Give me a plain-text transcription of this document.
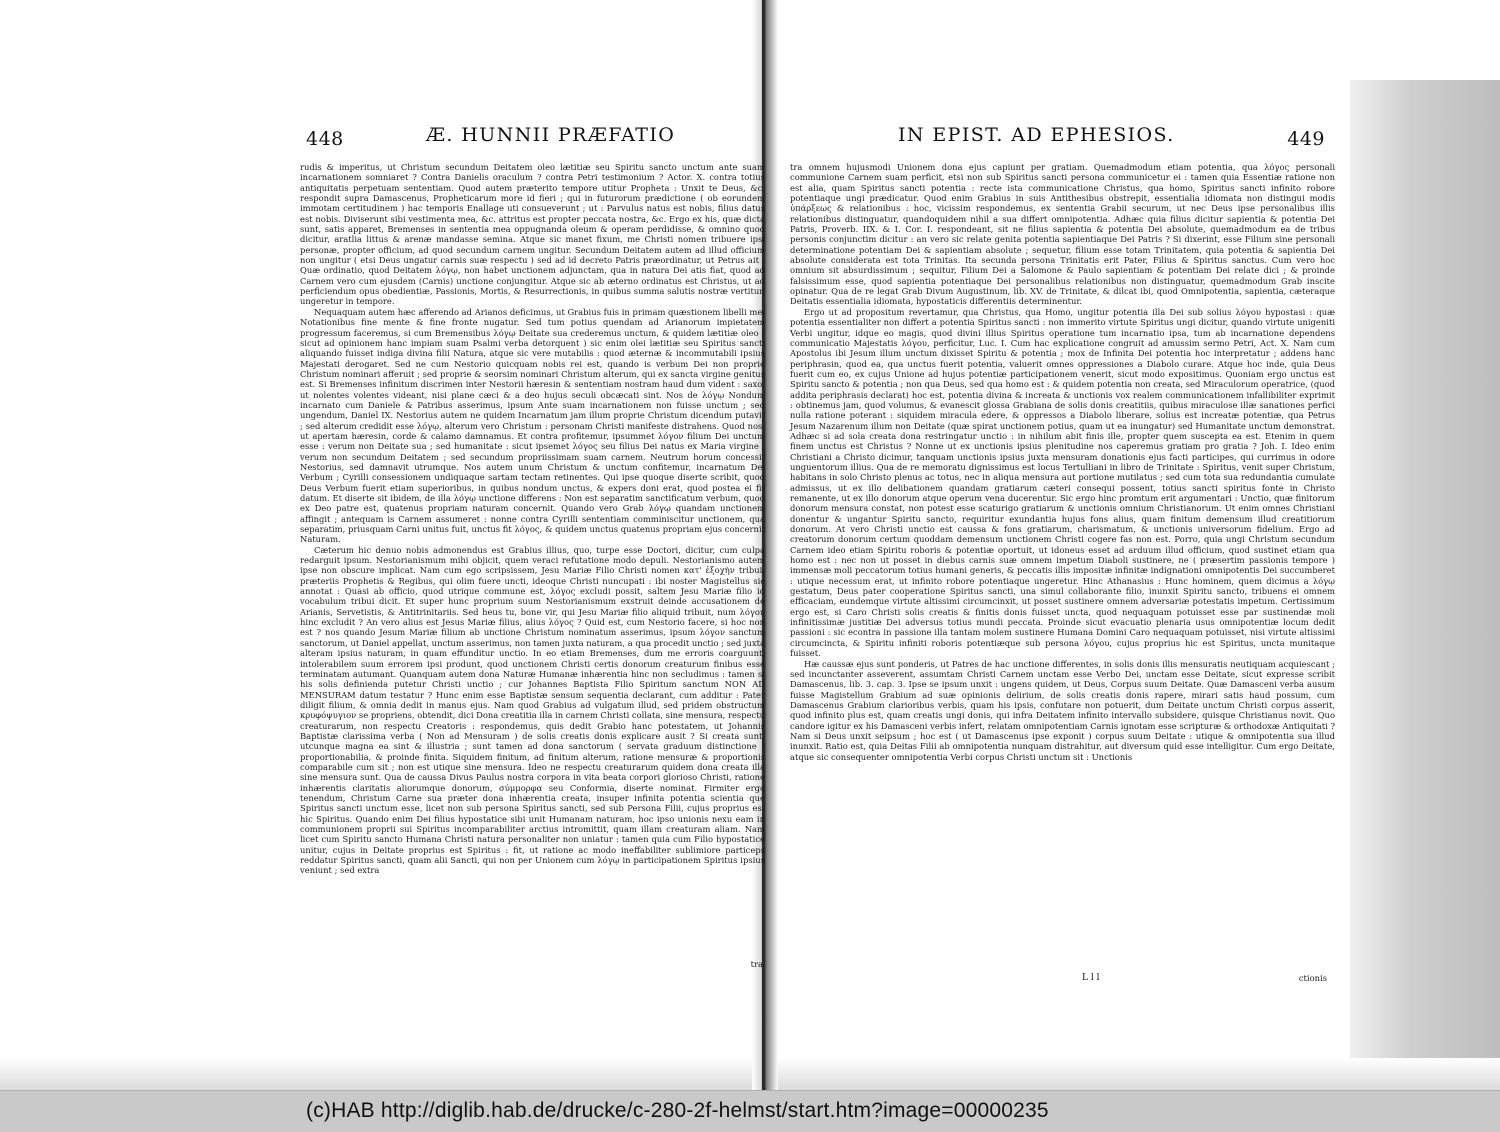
448	Æ. HUNNII PRÆFATIO

rudis & imperitus, ut Christum secundum Deitatem oleo lætitiæ seu Spiritu sancto unctum ante suam incarnationem somniaret ? Contra Danielis oraculum ? contra Petri testimonium ? Actor. X. contra totius antiquitatis perpetuam sententiam. Quod autem præterito tempore utitur Propheta : Unxit te Deus, &c. respondit supra Damascenus, Propheticarum more id fieri ; qui in futurorum prædictione ( ob eorundem immotam certitudinem ) hac temporis Enallage uti consueverunt ; ut : Parvulus natus est nobis, filius datus est nobis. Diviserunt sibi vestimenta mea, &c. attritus est propter peccata nostra, &c. Ergo ex his, quæ dicta sunt, satis apparet, Bremenses in sententia mea oppugnanda oleum & operam perdidisse, & omnino quod dicitur, aratlia littus & arenæ mandasse semina. Atque sic manet fixum, me Christi nomen tribuere ipsi personæ, propter officium, ad quod secundum carnem ungitur. Secundum Deitatem autem ad illud officium non ungitur ( etsi Deus ungatur carnis suæ respectu ) sed ad id decreto Patris præordinatur, ut Petrus ait : Quæ ordinatio, quod Deitatem λόγῳ, non habet unctionem adjunctam, qua in natura Dei atis fiat, quod ad Carnem vero cum ejusdem (Carnis) unctione conjungitur. Atque sic ab æterno ordinatus est Christus, ut ad perficiendum opus obedientiæ, Passionis, Mortis, & Resurrectionis, in quibus summa salutis nostræ vertitur, ungeretur in tempore.

Nequaquam autem hæc afferendo ad Arianos deficimus, ut Grabius fuis in primam quæstionem libelli mei Notationibus fine mente & fine fronte nugatur. Sed tum potius quendam ad Arianorum impietatem progressum faceremus, si cum Bremensibus λόγῳ Deitate sua crederemus unctum, & quidem lætitiæ oleo ( sicut ad opinionem hanc impiam suam Psalmi verba detorquent ) sic enim olei lætitiæ seu Spiritus sancti aliquando fuisset indiga divina filii Natura, atque sic vere mutabilis : quod æternæ & incommutabili ipsius Majestati derogaret. Sed ne cum Nestorio quicquam nobis rei est, quando is verbum Dei non proprie Christum nominari afferuit ; sed proprie & seorsim nominari Christum alterum, qui ex sancta virgine genitus est. Si Bremenses infinitum discrimen inter Nestorii hæresin & sententiam nostram haud dum vident : saxo, ut nolentes volentes videant, nisi plane cæci & a deo hujus seculi obcæcati sint. Nos de λόγῳ Nondum incarnato cum Daniele & Patribus asserimus, ipsum Ante suam incarnationem non fuisse unctum ; sed ungendum, Daniel IX. Nestorius autem ne quidem Incarnatum jam illum proprie Christum dicendum putavit ; sed alterum credidit esse λόγῳ, alterum vero Christum : personam Christi manifeste distrahens. Quod nos, ut apertam hæresin, corde & calamo damnamus. Et contra profitemur, ipsummet λόγον filium Dei unctum esse : verum non Deitate sua ; sed humanitate : sicut ipsemet λόγος seu filius Dei natus ex Maria virgine ; verum non secundum Deitatem ; sed secundum propriissimam suam carnem. Neutrum horum concessit Nestorius, sed damnavit utrumque. Nos autem unum Christum & unctum confitemur, incarnatum Dei Verbum ; Cyrilli consessionem undiquaque sartam tectam retinentes. Qui ipse quoque diserte scribit, quod Deus Verbum fuerit etiam superioribus, in quibus nondum unctus, & expers doni erat, quod postea ei fit datum. Et diserte sit ibidem, de illa λόγῳ unctione differens : Non est separatim sanctificatum verbum, quod ex Deo patre est, quatenus propriam naturam concernit. Quando vero Grab λόγῳ quandam unctionem affingit ; antequam is Carnem assumeret : nonne contra Cyrilli sententiam comminiscitur unctionem, qua separatim, priusquam Carni unitus fuit, unctus fit λόγος, & quidem unctus quatenus propriam ejus concernit Naturam.

Cæterum hic denuo nobis admonendus est Grabius illius, quo, turpe esse Doctori, dicitur, cum culpa redarguit ipsum. Nestorianismum mihi objicit, quem veraci refutatione modo depuli. Nestorianismo autem ipse non obscure implicat. Nam cum ego scripsissem, Jesu Mariæ Filio Christi nomen κατ' ἐξοχὴν tribui, præteriis Prophetis & Regibus, qui olim fuere uncti, ideoque Christi nuncupati : ibi noster Magistellus sic annotat : Quasi ab officio, quod utrique commune est, λόγος excludi possit, saltem Jesu Mariæ filio id vocabulum tribui dicit. Et super hunc proprium suum Nestorianismum exstruit deinde accusationem de Arianis, Servetistis, & Antitrinitariis. Sed heus tu, bone vir, qui Jesu Mariæ filio aliquid tribuit, num λόγον hinc excludit ? An vero alius est Jesus Mariæ filius, alius λόγος ? Quid est, cum Nestorio facere, si hoc non est ? nos quando Jesum Mariæ filium ab unctione Christum nominatum asserimus, ipsum λόγον sanctum sanctorum, ut Daniel appellat, unctum asserimus, non tamen juxta naturam, a qua procedit unctio ; sed juxta alteram ipsius naturam, in quam effunditur unctio. In eo etiam Bremenses, dum me erroris coarguunt, intolerabilem suum errorem ipsi produnt, quod unctionem Christi certis donorum creaturum finibus esse terminatam autumant. Quanquam autem dona Naturæ Humanæ inhærentia hinc non secludimus : tamen si his solis definienda putetur Christi unctio ; cur Johannes Baptista Filio Spiritum sanctum NON AD MENSURAM datum testatur ? Hunc enim esse Baptistæ sensum sequentia declarant, cum additur : Pater diligit filium, & omnia dedit in manus ejus. Nam quod Grabius ad vulgatum illud, sed pridem obstructum κρυφόψυγιον se propriens, obtendit, dici Dona creatitia illa in carnem Christi collata, sine mensura, respectu creaturarum, non respectu Creatoris : respondemus, quis dedit Grabio hanc potestatem, ut Johannis Baptistæ clarissima verba ( Non ad Mensuram ) de solis creatis donis explicare ausit ? Si creata sunt, utcunque magna ea sint & illustria ; sunt tamen ad dona sanctorum ( servata graduum distinctione ) proportionabilia, & proinde finita. Siquidem finitum, ad finitum alterum, ratione mensuræ & proportionis comparabile cum sit ; non est utique sine mensura. Ideo ne respectu creaturarum quidem dona creata illa sine mensura sunt. Qua de caussa Divus Paulus nostra corpora in vita beata corpori glorioso Christi, ratione inhærentis claritatis aliorumque donorum, σύμμορφα seu Conformia, diserte nominat. Firmiter ergo tenendum, Christum Carne sua præter dona inhærentia creata, insuper infinita potentia scientia que Spiritus sancti unctum esse, licet non sub persona Spiritus sancti, sed sub Persona Filii, cujus proprius est hic Spiritus. Quando enim Dei filius hypostatice sibi unit Humanam naturam, hoc ipso unionis nexu eam in communionem proprii sui Spiritus incomparabiliter arctius intromittit, quam illam creaturam aliam. Nam licet cum Spiritu sancto Humana Christi natura personaliter non uniatur : tamen quia cum Filio hypostatice unitur, cujus in Deitate proprius est Spiritus : fit, ut ratione ac modo ineffabiliter sublimiore particeps reddatur Spiritus sancti, quam alii Sancti, qui non per Unionem cum λόγῳ in participationem Spiritus ipsius veniunt ; sed extra

tra
IN EPIST. AD EPHESIOS.	449

tra omnem hujusmodi Unionem dona ejus capiunt per gratiam. Quemadmodum etiam potentia, qua λόγος personali communione Carnem suam perficit, etsi non sub Spiritus sancti persona communicetur ei : tamen quia Essentiæ ratione non est alia, quam Spiritus sancti potentia : recte ista communicatione Christus, qua homo, Spiritus sancti infinito robore potentiaque ungi prædicatur. Quod enim Grabius in suis Antithesibus obstrepit, essentialia idiomata non distingui modis ὑπάρξεως & relationibus : hoc, vicissim respondemus, ex sententia Grabii securum, ut nec Deus ipse personalibus illis relationibus distinguatur, quandoquidem nihil a sua differt omnipotentia. Adhæc quia filius dicitur sapientia & potentia Dei Patris, Proverb. IIX. & I. Cor. I. respondeant, sit ne filius sapientia & potentia Dei absolute, quemadmodum ea de tribus personis conjunctim dicitur : an vero sic relate genita potentia sapientiaque Dei Patris ? Si dixerint, esse Filium sine personali determinatione potentiam Dei & sapientiam absolute ; sequetur, filium esse totam Trinitatem, quia potentia & sapientia Dei absolute considerata est tota Trinitas. Ita secunda persona Trinitatis erit Pater, Filius & Spiritus sanctus. Cum vero hoc omnium sit absurdissimum ; sequitur, Filium Dei a Salomone & Paulo sapientiam & potentiam Dei relate dici ; & proinde falsissimum esse, quod sapientia potentiaque Dei personalibus relationibus non distinguatur, quemadmodum Grab inscite opinatur. Qua de re legat Grab Divum Augustinum, lib. XV. de Trinitate, & dilcat ibi, quod Omnipotentia, sapientia, cæteraque Deitatis essentialia idiomata, hypostaticis differentiis determinentur.

Ergo ut ad propositum revertamur, qua Christus, qua Homo, ungitur potentia illa Dei sub solius λόγου hypostasi : quæ potentia essentialiter non differt a potentia Spiritus sancti : non immerito virtute Spiritus ungi dicitur, quando virtute unigeniti Verbi ungitur, idque eo magis, quod divini illius Spiritus operatione tum incarnatio ipsa, tum ab incarnatione dependens communicatio Majestatis λόγου, perficitur, Luc. I. Cum hac explicatione congruit ad amussim sermo Petri, Act. X. Nam cum Apostolus ibi Jesum illum unctum dixisset Spiritu & potentia ; mox de Infinita Dei potentia hoc interpretatur ; addens hanc periphrasin, quod ea, qua unctus fuerit potentia, valuerit omnes oppressiones a Diabolo curare. Atque hoc inde, quia Deus fuerit cum eo, ex cujus Unione ad hujus potentiæ participationem venerit, sicut modo expositimus. Quoniam ergo unctus est Spiritu sancto & potentia ; non qua Deus, sed qua homo est : & quidem potentia non creata, sed Miraculorum operatrice, (quod addita periphrasis declarat) hoc est, potentia divina & increata & unctionis vox realem communicationem infallibiliter exprimit : obtinemus jam, quod volumus, & evanescit glossa Grabiana de solis donis creatitiis, quibus miraculose illæ sanationes perfici nulla ratione poterant : siquidem miracula edere, & oppressos a Diabolo liberare, solius est increatæ potentiæ, qua Petrus Jesum Nazarenum illum non Deitate (quæ spirat unctionem potius, quam ut ea inungatur) sed Humanitate unctum demonstrat. Adhæc si ad sola creata dona restringatur unctio : in nihilum abit finis ille, propter quem suscepta ea est. Etenim in quem finem unctus est Christus ? Nonne ut ex unctionis ipsius plenitudine nos caperemus gratiam pro gratia ? Joh. I. Ideo enim Christiani a Christo dicimur, tanquam unctionis ipsius juxta mensuram donationis ejus facti participes, qui currimus in odore unguentorum illius. Qua de re memoratu dignissimus est locus Tertulliani in libro de Trinitate : Spiritus, venit super Christum, habitans in solo Christo plenus ac totus, nec in aliqua mensura aut portione mutilatus ; sed cum tota sua redundantia cumulate admissus, ut ex illo delibationem quandam gratiarum cæteri consequi possent, totius sancti spiritus fonte in Christo remanente, ut ex illo donorum atque operum vena ducerentur. Sic ergo hinc promtum erit argumentari : Unctio, quæ finitorum donorum mensura constat, non potest esse scaturigo gratiarum & unctionis omnium Christianorum. Ut enim omnes Christiani donentur & ungantur Spiritu sancto, requiritur exundantia hujus fons alius, quam finitum demensum illud creatitiorum donorum. At vero Christi unctio est caussa & fons gratiarum, charismatum, & unctionis universorum fidelium. Ergo ad creatorum donorum certum quoddam demensum unctionem Christi cogere fas non est. Porro, quia ungi Christum secundum Carnem ideo etiam Spiritu roboris & potentiæ oportuit, ut idoneus esset ad arduum illud officium, quod sustinet etiam qua homo est : nec non ut posset in diebus carnis suæ omnem impetum Diaboli sustinere, ne ( præsertim passionis tempore ) immensæ moli peccatorum totius humani generis, & peccatis illis impositæ infinitæ indignationi omnipotentis Dei succumberet : utique necessum erat, ut infinito robore potentiaque ungeretur. Hinc Athanasius : Hunc hominem, quem dicimus a λόγῳ gestatum, Deus pater cooperatione Spiritus sancti, una simul collaborante filio, inunxit Spiritu sancto, tribuens ei omnem efficaciam, eundemque virtute altissimi circumcinxit, ut posset sustinere omnem adversariæ potestatis impetum. Certissimum ergo est, si Caro Christi solis creatis & finitis donis fuisset uncta, quod nequaquam potuisset esse par sustinendæ moli infinitissimæ justitiæ Dei adversus totius mundi peccata. Proinde sicut evacuatio plenaria usus omnipotentiæ locum dedit passioni : sic econtra in passione illa tantam molem sustinere Humana Domini Caro nequaquam potuisset, nisi virtute altissimi circumcincta, & Spiritu infiniti roboris potentiæque sub persona λόγου, cujus proprius hic est Spiritus, uncta munitaque fuisset.

Hæ caussæ ejus sunt ponderis, ut Patres de hac unctione differentes, in solis donis illis mensuratis neutiquam acquiescant ; sed incunctanter asseverent, assumtam Christi Carnem unctam esse Verbo Dei, unctam esse Deitate, sicut expresse scribit Damascenus, lib. 3. cap. 3. Ipse se ipsum unxit : ungens quidem, ut Deus, Corpus suum Deitate. Quæ Damasceni verba ausum fuisse Magistellum Grabium ad suæ opinionis delirium, de solis creatis donis rapere, mirari satis haud possum, cum Damascenus Grabium clarioribus verbis, quam his ipsis, confutare non potuerit, dum Deitate unctum Christi corpus asserit, quod infinito plus est, quam creatis ungi donis, qui infra Deitatem infinito intervallo subsidere, quisque Christianus novit. Quo candore igitur ex his Damasceni verbis infert, relatam omnipotentiam Carnis ignotam esse scripturæ & orthodoxæ Antiquitati ? Nam si Deus unxit seipsum ; hoc est ( ut Damascenus ipse exponit ) corpus suum Deitate : utique & omnipotentia sua illud inunxit. Ratio est, quia Deitas Filii ab omnipotentia nunquam distrahitur, aut diversum quid esse intelligitur. Cum ergo Deitate, atque sic consequenter omnipotentia Verbi corpus Christi unctum sit : Unctionis

L l l	ctionis
(c)HAB http://diglib.hab.de/drucke/c-280-2f-helmst/start.htm?image=00000235
